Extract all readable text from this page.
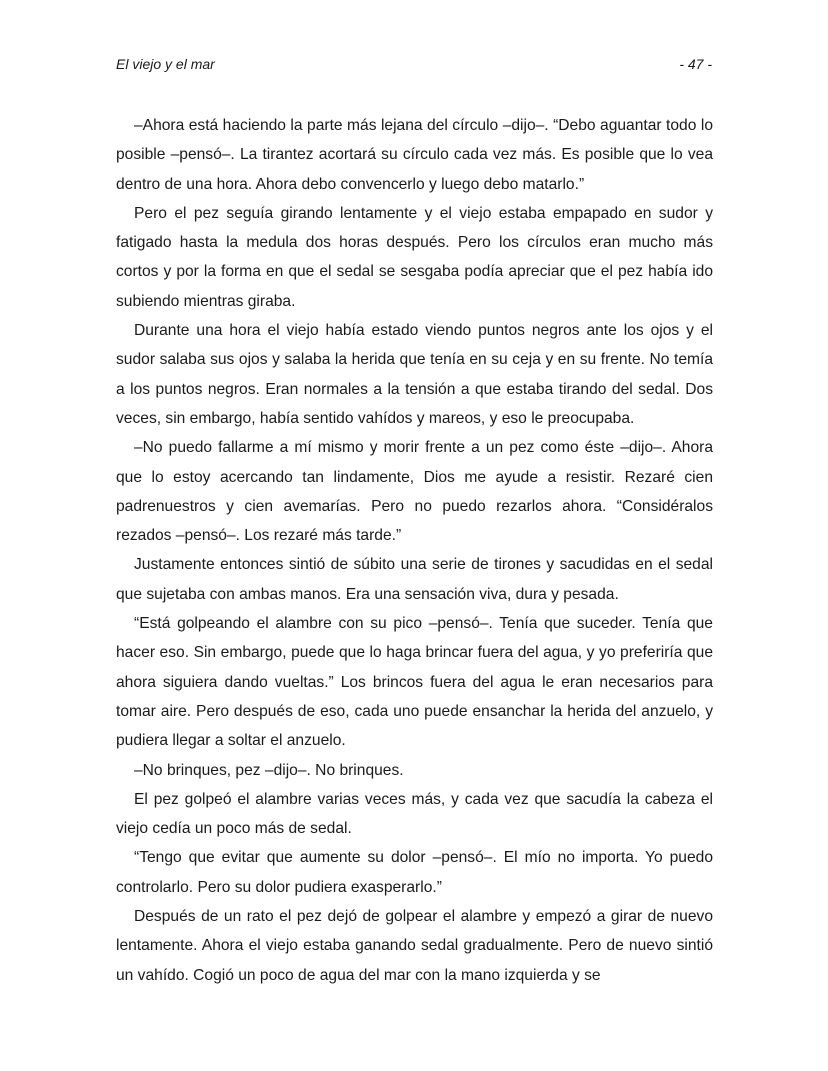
El viejo y el mar	- 47 -

–Ahora está haciendo la parte más lejana del círculo –dijo–. “Debo aguantar todo lo posible –pensó–. La tirantez acortará su círculo cada vez más. Es posible que lo vea dentro de una hora. Ahora debo convencerlo y luego debo matarlo.”

Pero el pez seguía girando lentamente y el viejo estaba empapado en sudor y fatigado hasta la medula dos horas después. Pero los círculos eran mucho más cortos y por la forma en que el sedal se sesgaba podía apreciar que el pez había ido subiendo mientras giraba.

Durante una hora el viejo había estado viendo puntos negros ante los ojos y el sudor salaba sus ojos y salaba la herida que tenía en su ceja y en su frente. No temía a los puntos negros. Eran normales a la tensión a que estaba tirando del sedal. Dos veces, sin embargo, había sentido vahídos y mareos, y eso le preocupaba.

–No puedo fallarme a mí mismo y morir frente a un pez como éste –dijo–. Ahora que lo estoy acercando tan lindamente, Dios me ayude a resistir. Rezaré cien padrenuestros y cien avemarías. Pero no puedo rezarlos ahora. “Considéralos rezados –pensó–. Los rezaré más tarde.”

Justamente entonces sintió de súbito una serie de tirones y sacudidas en el sedal que sujetaba con ambas manos. Era una sensación viva, dura y pesada.

“Está golpeando el alambre con su pico –pensó–. Tenía que suceder. Tenía que hacer eso. Sin embargo, puede que lo haga brincar fuera del agua, y yo preferiría que ahora siguiera dando vueltas.” Los brincos fuera del agua le eran necesarios para tomar aire. Pero después de eso, cada uno puede ensanchar la herida del anzuelo, y pudiera llegar a soltar el anzuelo.

–No brinques, pez –dijo–. No brinques.

El pez golpeó el alambre varias veces más, y cada vez que sacudía la cabeza el viejo cedía un poco más de sedal.

“Tengo que evitar que aumente su dolor –pensó–. El mío no importa. Yo puedo controlarlo. Pero su dolor pudiera exasperarlo.”

Después de un rato el pez dejó de golpear el alambre y empezó a girar de nuevo lentamente. Ahora el viejo estaba ganando sedal gradualmente. Pero de nuevo sintió un vahído. Cogió un poco de agua del mar con la mano izquierda y se
